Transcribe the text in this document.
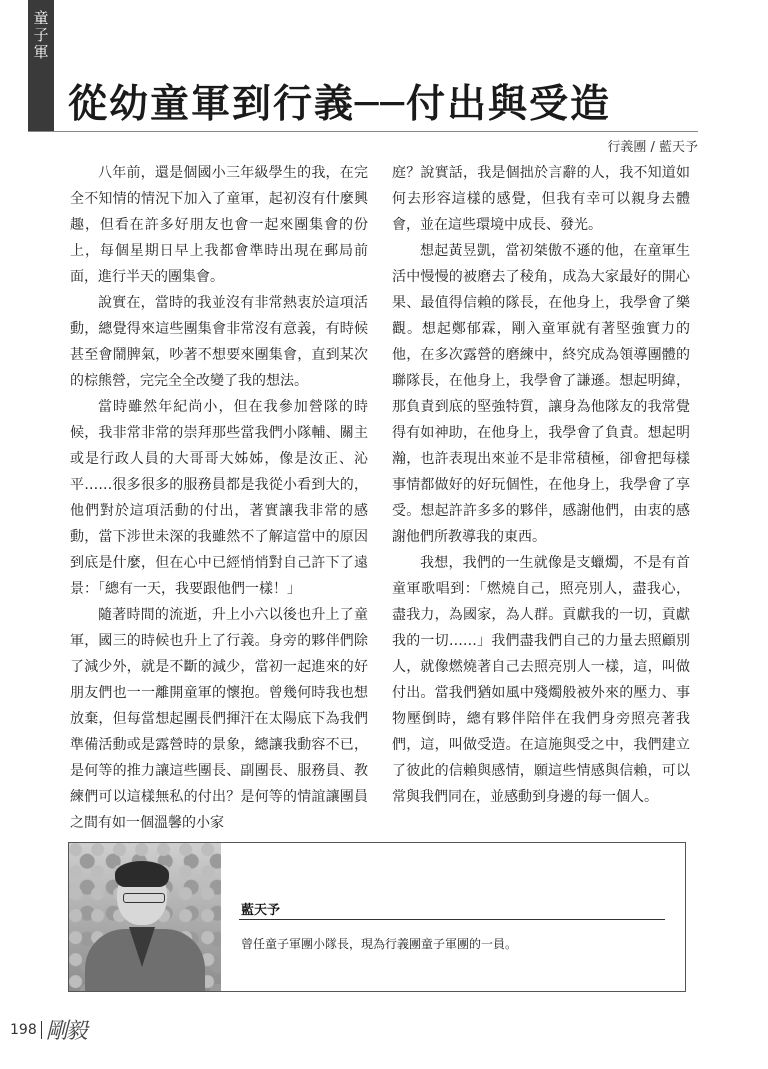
童子軍
從幼童軍到行義──付出與受造
行義團 / 藍天予

八年前，還是個國小三年級學生的我，在完全不知情的情況下加入了童軍，起初沒有什麼興趣，但看在許多好朋友也會一起來團集會的份上，每個星期日早上我都會準時出現在郵局前面，進行半天的團集會。

說實在，當時的我並沒有非常熱衷於這項活動，總覺得來這些團集會非常沒有意義，有時候甚至會鬧脾氣，吵著不想要來團集會，直到某次的棕熊營，完完全全改變了我的想法。

當時雖然年紀尚小，但在我參加營隊的時候，我非常非常的崇拜那些當我們小隊輔、關主或是行政人員的大哥哥大姊姊，像是汝正、沁平……很多很多的服務員都是我從小看到大的，他們對於這項活動的付出，著實讓我非常的感動，當下涉世未深的我雖然不了解這當中的原因到底是什麼，但在心中已經悄悄對自己許下了遠景：「總有一天，我要跟他們一樣！」

隨著時間的流逝，升上小六以後也升上了童軍，國三的時候也升上了行義。身旁的夥伴們除了減少外，就是不斷的減少，當初一起進來的好朋友們也一一離開童軍的懷抱。曾幾何時我也想放棄，但每當想起團長們揮汗在太陽底下為我們準備活動或是露營時的景象，總讓我動容不已，是何等的推力讓這些團長、副團長、服務員、教練們可以這樣無私的付出？是何等的情誼讓團員之間有如一個溫馨的小家

庭？說實話，我是個拙於言辭的人，我不知道如何去形容這樣的感覺，但我有幸可以親身去體會，並在這些環境中成長、發光。

想起黃昱凱，當初桀傲不遜的他，在童軍生活中慢慢的被磨去了稜角，成為大家最好的開心果、最值得信賴的隊長，在他身上，我學會了樂觀。想起鄭郁霖，剛入童軍就有著堅強實力的他，在多次露營的磨練中，終究成為領導團體的聯隊長，在他身上，我學會了謙遜。想起明緯，那負責到底的堅強特質，讓身為他隊友的我常覺得有如神助，在他身上，我學會了負責。想起明瀚，也許表現出來並不是非常積極，卻會把每樣事情都做好的好玩個性，在他身上，我學會了享受。想起許許多多的夥伴，感謝他們，由衷的感謝他們所教導我的東西。

我想，我們的一生就像是支蠟燭，不是有首童軍歌唱到：「燃燒自己，照亮別人，盡我心，盡我力，為國家，為人群。貢獻我的一切，貢獻我的一切……」我們盡我們自己的力量去照顧別人，就像燃燒著自己去照亮別人一樣，這，叫做付出。當我們猶如風中殘燭般被外來的壓力、事物壓倒時，總有夥伴陪伴在我們身旁照亮著我們，這，叫做受造。在這施與受之中，我們建立了彼此的信賴與感情，願這些情感與信賴，可以常與我們同在，並感動到身邊的每一個人。

藍天予
曾任童子軍團小隊長，現為行義團童子軍團的一員。
198 剛毅
